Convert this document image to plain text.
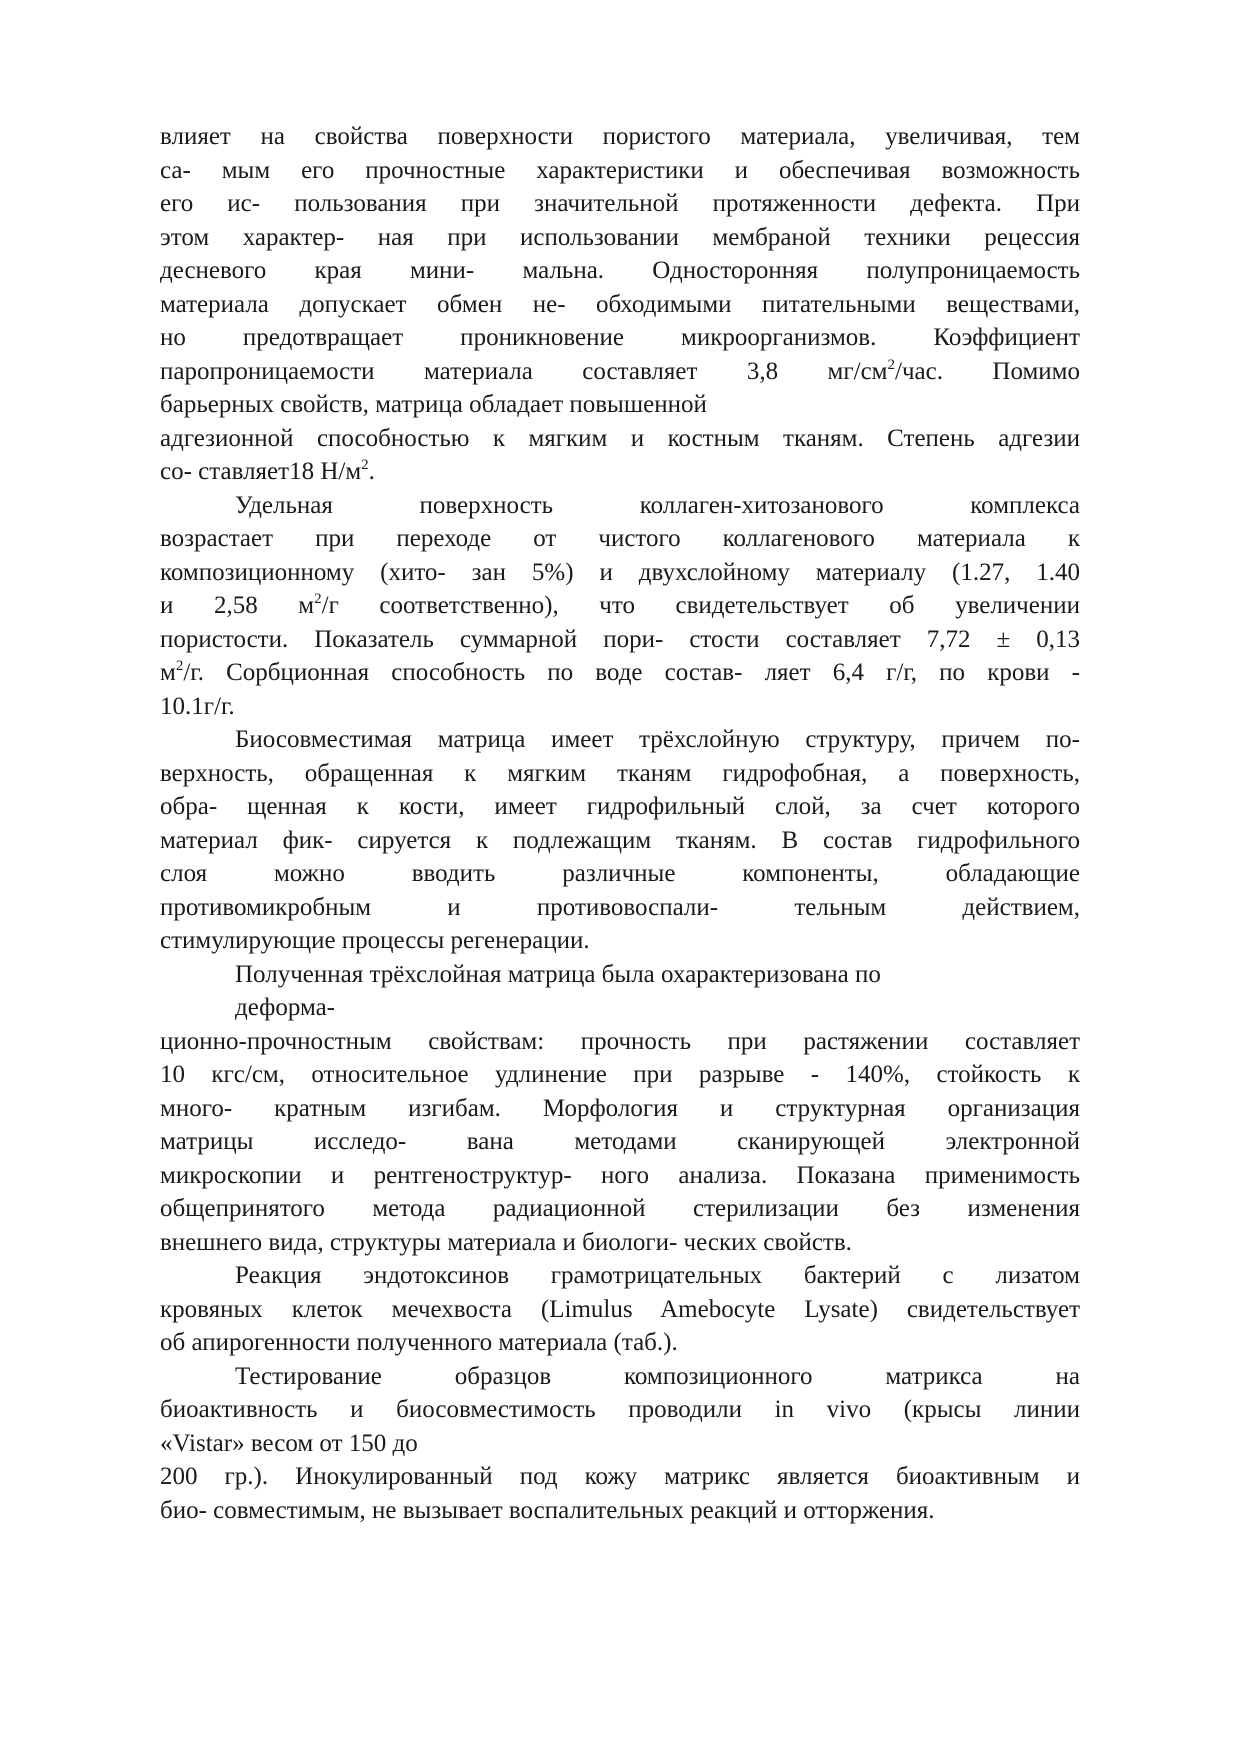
влияет на свойства поверхности пористого материала, увеличивая, тем
са- мым его прочностные характеристики и обеспечивая возможность
его ис- пользования при значительной протяженности дефекта. При
этом характер- ная при использовании мембраной техники рецессия
десневого края мини- мальна. Односторонняя полупроницаемость
материала допускает обмен не- обходимыми питательными веществами,
но предотвращает проникновение микроорганизмов. Коэффициент
паропроницаемости материала составляет 3,8 $мг/см^2$/час. Помимо
барьерных свойств, матрица обладает повышенной
адгезионной способностью к мягким и костным тканям. Степень адгезии
со- ставляет18 $Н/м^2$.
Удельная поверхность коллаген-хитозанового комплекса
возрастает при переходе от чистого коллагенового материала к
композиционному (хито- зан 5%) и двухслойному материалу (1.27, 1.40
и 2,58 $м^2/г$ соответственно), что свидетельствует об увеличении
пористости. Показатель суммарной пори- стости составляет 7,72 ± 0,13
$м^2/г$. Сорбционная способность по воде состав- ляет 6,4 г/г, по крови -
10.1г/г.
Биосовместимая матрица имеет трёхслойную структуру, причем по-
верхность, обращенная к мягким тканям гидрофобная, а поверхность,
обра- щенная к кости, имеет гидрофильный слой, за счет которого
материал фик- сируется к подлежащим тканям. В состав гидрофильного
слоя можно вводить различные компоненты, обладающие
противомикробным и противовоспали- тельным действием,
стимулирующие процессы регенерации.
Полученная трёхслойная матрица была охарактеризована по
деформа-
ционно-прочностным свойствам: прочность при растяжении составляет
10 кгс/см, относительное удлинение при разрыве - 140%, стойкость к
много- кратным изгибам. Морфология и структурная организация
матрицы исследо- вана методами сканирующей электронной
микроскопии и рентгеноструктур- ного анализа. Показана применимость
общепринятого метода радиационной стерилизации без изменения
внешнего вида, структуры материала и биологи- ческих свойств.
Реакция эндотоксинов грамотрицательных бактерий с лизатом
кровяных клеток мечехвоста (Limulus Amebocyte Lysate) свидетельствует
об апирогенности полученного материала (таб.).
Тестирование образцов композиционного матрикса на
биоактивность и биосовместимость проводили in vivo (крысы линии
«Vistar» весом от 150 до
200 гр.). Инокулированный под кожу матрикс является биоактивным и
био- совместимым, не вызывает воспалительных реакций и отторжения.
